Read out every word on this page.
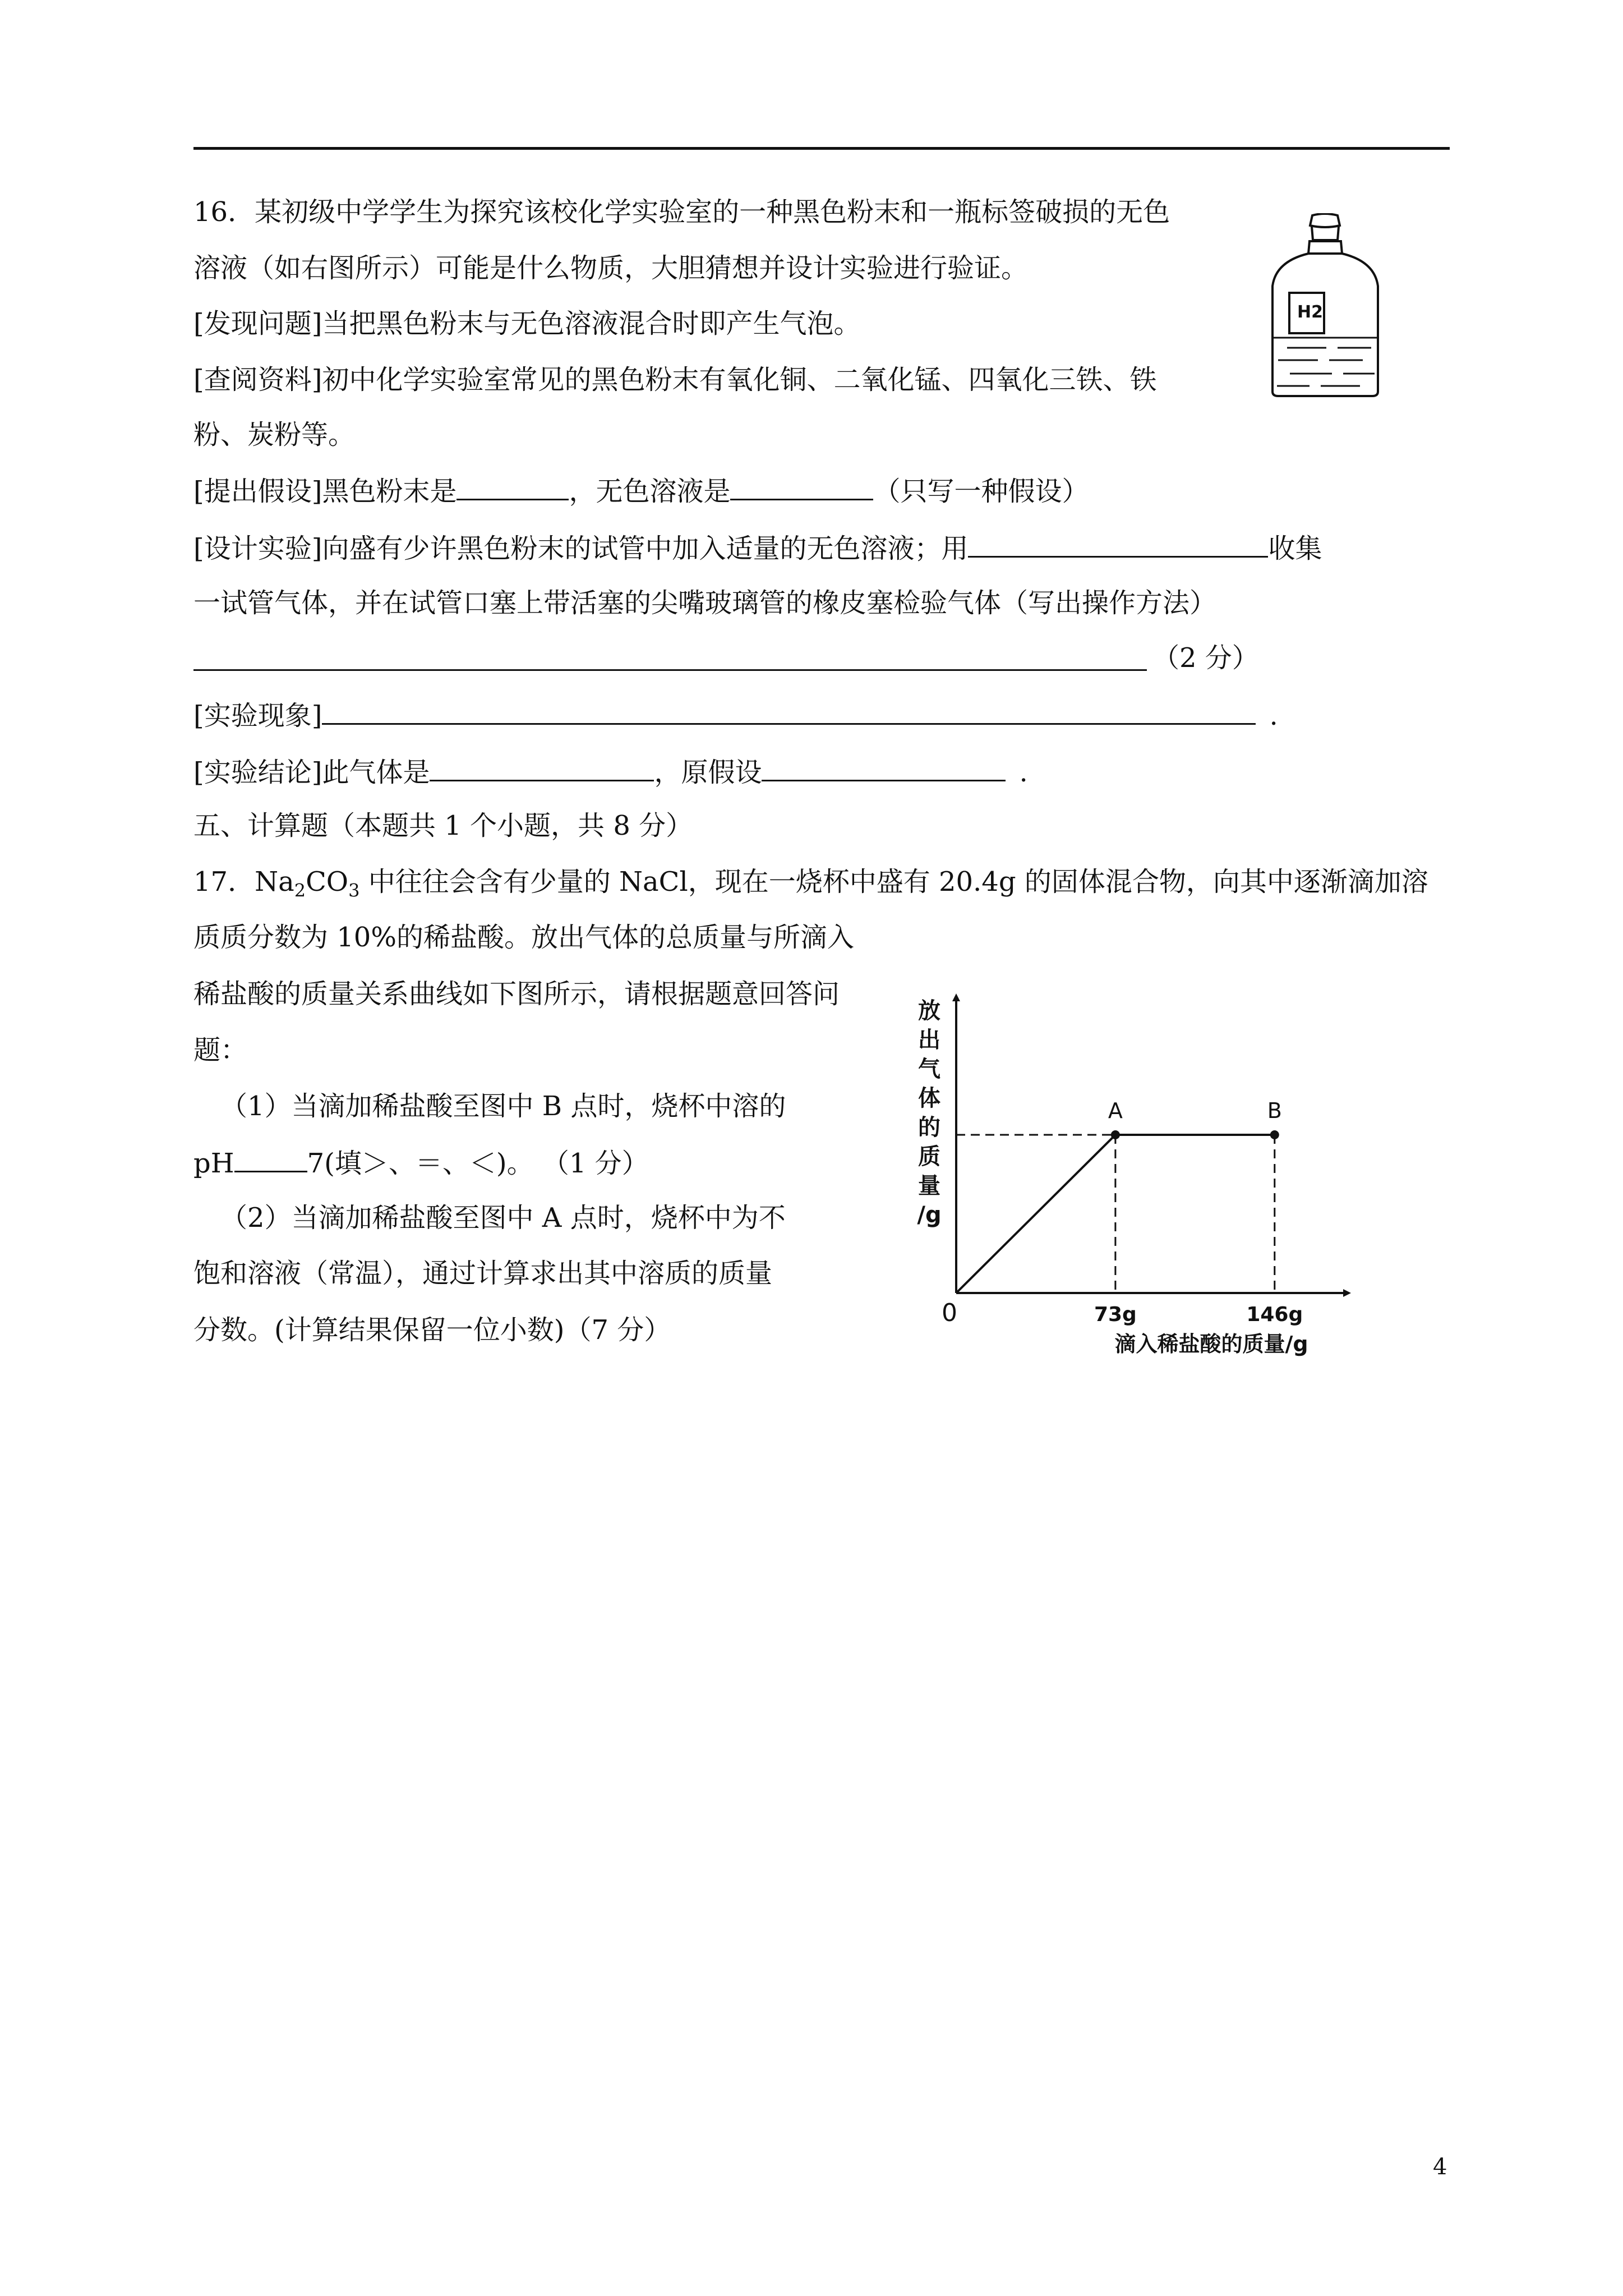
16．某初级中学学生为探究该校化学实验室的一种黑色粉末和一瓶标签破损的无色
溶液（如右图所示）可能是什么物质，大胆猜想并设计实验进行验证。
[发现问题]当把黑色粉末与无色溶液混合时即产生气泡。
[查阅资料]初中化学实验室常见的黑色粉末有氧化铜、二氧化锰、四氧化三铁、铁
粉、炭粉等。
[提出假设]黑色粉末是	，无色溶液是	（只写一种假设）
[设计实验]向盛有少许黑色粉末的试管中加入适量的无色溶液；用	收集
一试管气体，并在试管口塞上带活塞的尖嘴玻璃管的橡皮塞检验气体（写出操作方法）
（2 分）
[实验现象]	.
[实验结论]此气体是	，原假设	.
H2
五、计算题（本题共 1 个小题，共 8 分）
17．$Na_2CO_3$ 中往往会含有少量的 NaCl，现在一烧杯中盛有 20.4g 的固体混合物，向其中逐渐滴加溶
质质分数为 10%的稀盐酸。放出气体的总质量与所滴入
稀盐酸的质量关系曲线如下图所示，请根据题意回答问
题：
（1）当滴加稀盐酸至图中 B 点时，烧杯中溶的
pH	7(填＞、＝、＜)。 （1 分）
（2）当滴加稀盐酸至图中 A 点时，烧杯中为不
饱和溶液（常温），通过计算求出其中溶质的质量
分数。(计算结果保留一位小数)（7 分）
放
出
气
体
的
质
量
/g
A	B
0	73g	146g
滴入稀盐酸的质量/g
4
